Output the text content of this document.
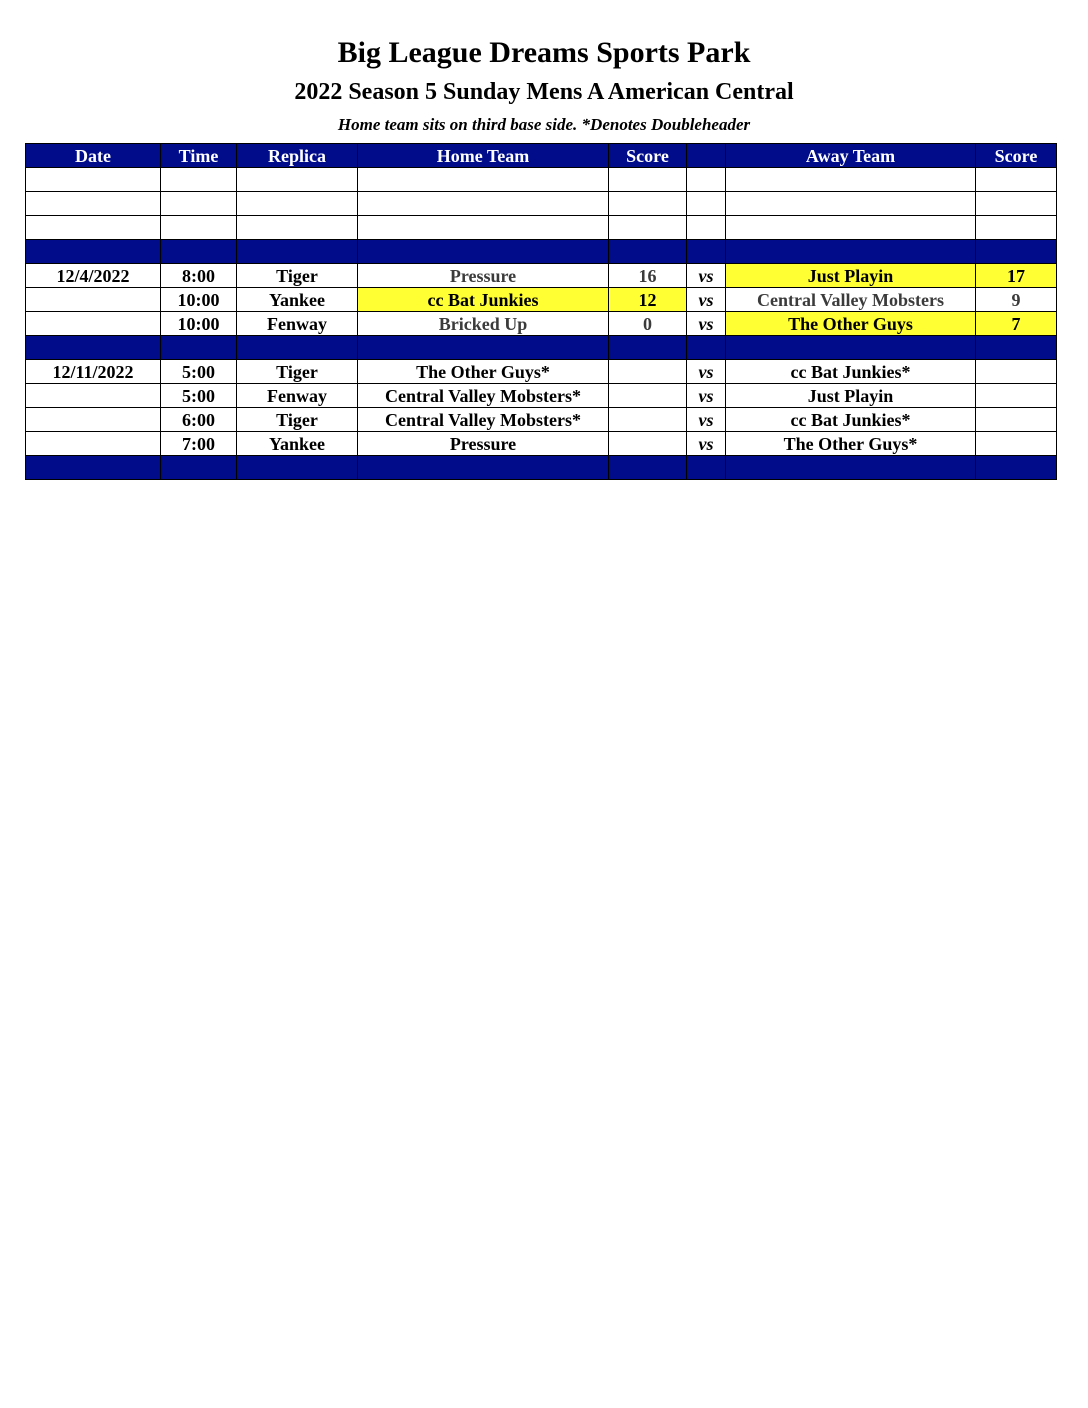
Big League Dreams Sports Park
2022 Season 5 Sunday Mens A American Central
Home team sits on third base side. *Denotes Doubleheader
Date	Time	Replica	Home Team	Score		Away Team	Score

12/4/2022	8:00	Tiger	Pressure	16	vs	Just Playin	17
	10:00	Yankee	cc Bat Junkies	12	vs	Central Valley Mobsters	9
	10:00	Fenway	Bricked Up	0	vs	The Other Guys	7

12/11/2022	5:00	Tiger	The Other Guys*		vs	cc Bat Junkies*	
	5:00	Fenway	Central Valley Mobsters*		vs	Just Playin	
	6:00	Tiger	Central Valley Mobsters*		vs	cc Bat Junkies*	
	7:00	Yankee	Pressure		vs	The Other Guys*	
